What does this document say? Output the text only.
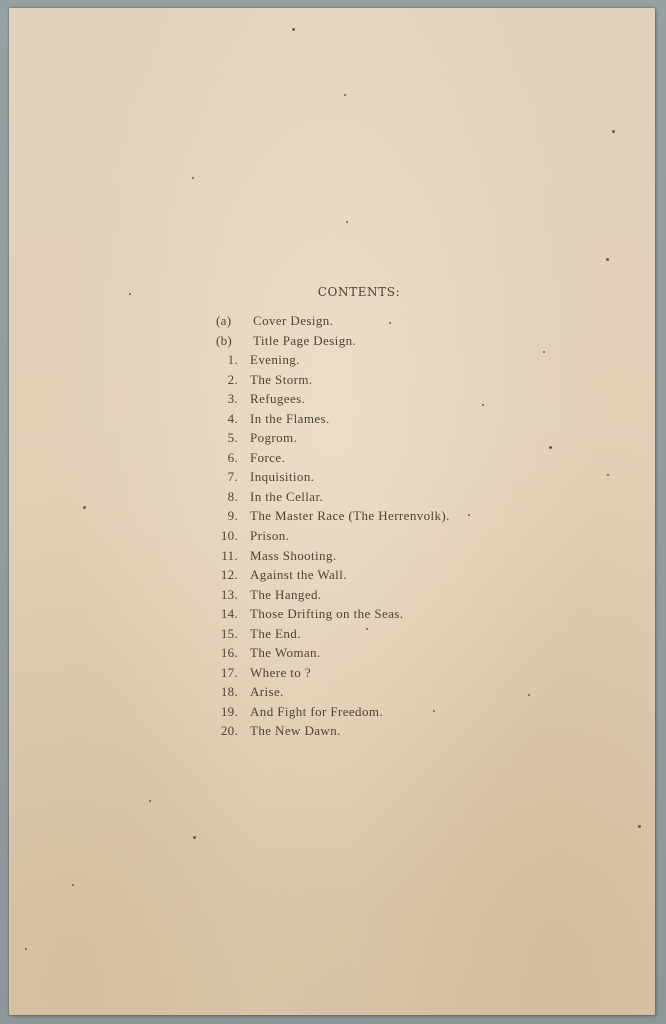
CONTENTS:
(a) Cover Design.
(b) Title Page Design.
1. Evening.
2. The Storm.
3. Refugees.
4. In the Flames.
5. Pogrom.
6. Force.
7. Inquisition.
8. In the Cellar.
9. The Master Race (The Herrenvolk).
10. Prison.
11. Mass Shooting.
12. Against the Wall.
13. The Hanged.
14. Those Drifting on the Seas.
15. The End.
16. The Woman.
17. Where to ?
18. Arise.
19. And Fight for Freedom.
20. The New Dawn.
